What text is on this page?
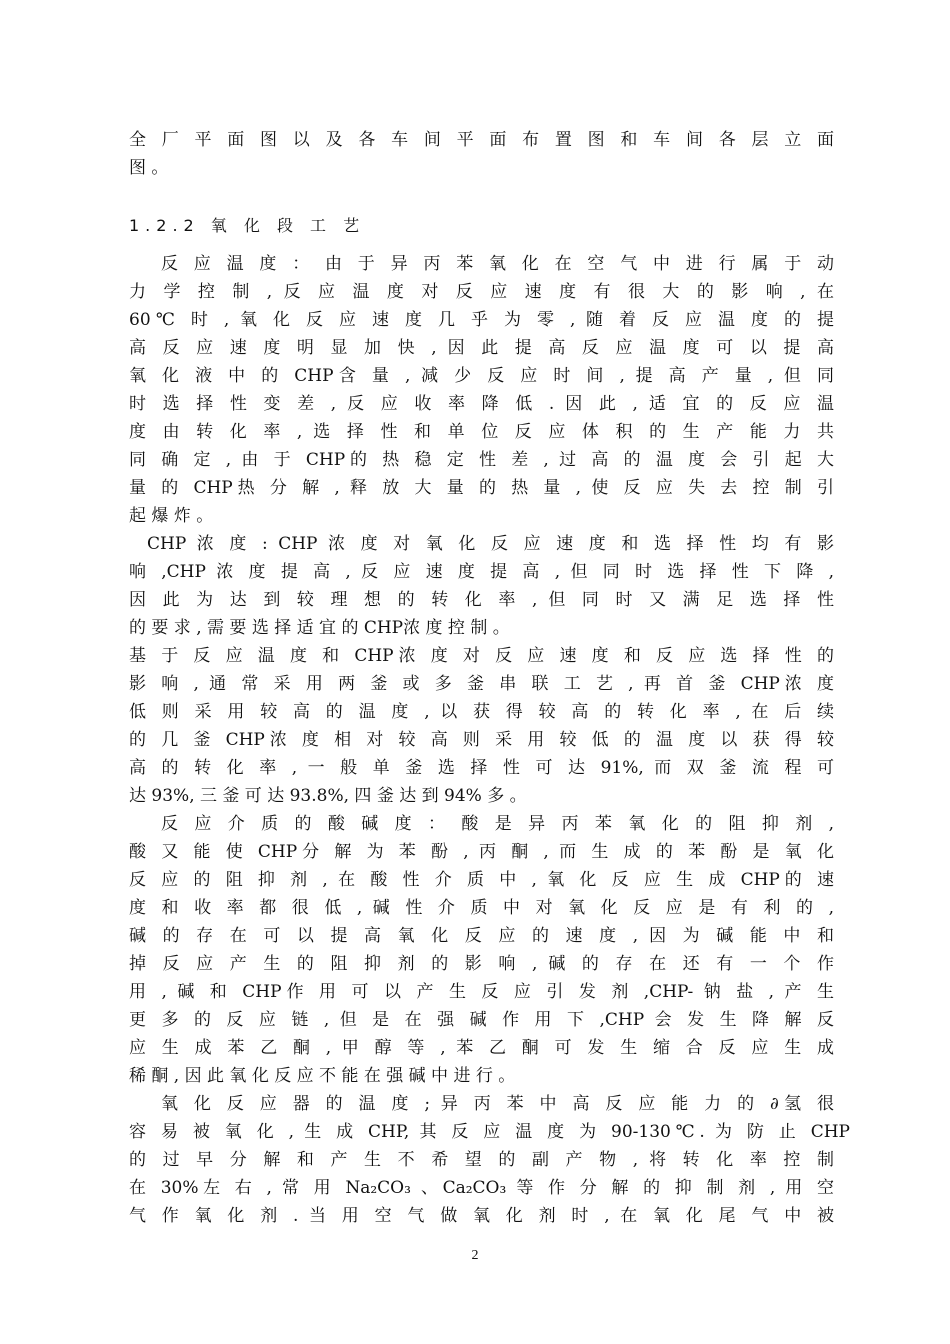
全 厂 平 面 图 以 及 各 车 间 平 面 布 置 图 和 车 间 各 层 立 面
图 。
1.2.2 氧 化 段 工 艺
反 应 温 度 ： 由 于 异 丙 苯 氧 化 在 空 气 中 进 行 属 于 动
力 学 控 制 , 反 应 温 度 对 反 应 速 度 有 很 大 的 影 响 , 在
60℃ 时 , 氧 化 反 应 速 度 几 乎 为 零 , 随 着 反 应 温 度 的 提
高 反 应 速 度 明 显 加 快 , 因 此 提 高 反 应 温 度 可 以 提 高
氧 化 液 中 的 CHP含 量 , 减 少 反 应 时 间 , 提 高 产 量 , 但 同
时 选 择 性 变 差 , 反 应 收 率 降 低 . 因 此 , 适 宜 的 反 应 温
度 由 转 化 率 , 选 择 性 和 单 位 反 应 体 积 的 生 产 能 力 共
同 确 定 , 由 于 CHP的 热 稳 定 性 差 , 过 高 的 温 度 会 引 起 大
量 的 CHP热 分 解 , 释 放 大 量 的 热 量 , 使 反 应 失 去 控 制 引
起 爆 炸 。
CHP 浓 度 : CHP 浓 度 对 氧 化 反 应 速 度 和 选 择 性 均 有 影
响 ,CHP 浓 度 提 高 , 反 应 速 度 提 高 , 但 同 时 选 择 性 下 降 ,
因 此 为 达 到 较 理 想 的 转 化 率 , 但 同 时 又 满 足 选 择 性
的 要 求 , 需 要 选 择 适 宜 的 CHP浓 度 控 制 。
基 于 反 应 温 度 和 CHP浓 度 对 反 应 速 度 和 反 应 选 择 性 的
影 响 , 通 常 采 用 两 釜 或 多 釜 串 联 工 艺 , 再 首 釜 CHP浓 度
低 则 采 用 较 高 的 温 度 , 以 获 得 较 高 的 转 化 率 , 在 后 续
的 几 釜 CHP浓 度 相 对 较 高 则 采 用 较 低 的 温 度 以 获 得 较
高 的 转 化 率 , 一 般 单 釜 选 择 性 可 达 91%, 而 双 釜 流 程 可
达 93%, 三 釜 可 达 93.8%, 四 釜 达 到 94% 多 。
反 应 介 质 的 酸 碱 度 ： 酸 是 异 丙 苯 氧 化 的 阻 抑 剂 ,
酸 又 能 使 CHP分 解 为 苯 酚 , 丙 酮 , 而 生 成 的 苯 酚 是 氧 化
反 应 的 阻 抑 剂 , 在 酸 性 介 质 中 , 氧 化 反 应 生 成 CHP的 速
度 和 收 率 都 很 低 , 碱 性 介 质 中 对 氧 化 反 应 是 有 利 的 ,
碱 的 存 在 可 以 提 高 氧 化 反 应 的 速 度 , 因 为 碱 能 中 和
掉 反 应 产 生 的 阻 抑 剂 的 影 响 , 碱 的 存 在 还 有 一 个 作
用 , 碱 和 CHP作 用 可 以 产 生 反 应 引 发 剂 ,CHP- 钠 盐 , 产 生
更 多 的 反 应 链 , 但 是 在 强 碱 作 用 下 ,CHP 会 发 生 降 解 反
应 生 成 苯 乙 酮 , 甲 醇 等 , 苯 乙 酮 可 发 生 缩 合 反 应 生 成
稀 酮 , 因 此 氧 化 反 应 不 能 在 强 碱 中 进 行 。
氧 化 反 应 器 的 温 度 ; 异 丙 苯 中 高 反 应 能 力 的 ∂氢 很
容 易 被 氧 化 , 生 成 CHP, 其 反 应 温 度 为 90-130℃. 为 防 止 CHP
的 过 早 分 解 和 产 生 不 希 望 的 副 产 物 , 将 转 化 率 控 制
在 30%左 右 , 常 用 Na₂CO₃ 、Ca₂CO₃ 等 作 分 解 的 抑 制 剂 , 用 空
气 作 氧 化 剂 . 当 用 空 气 做 氧 化 剂 时 , 在 氧 化 尾 气 中 被
2
